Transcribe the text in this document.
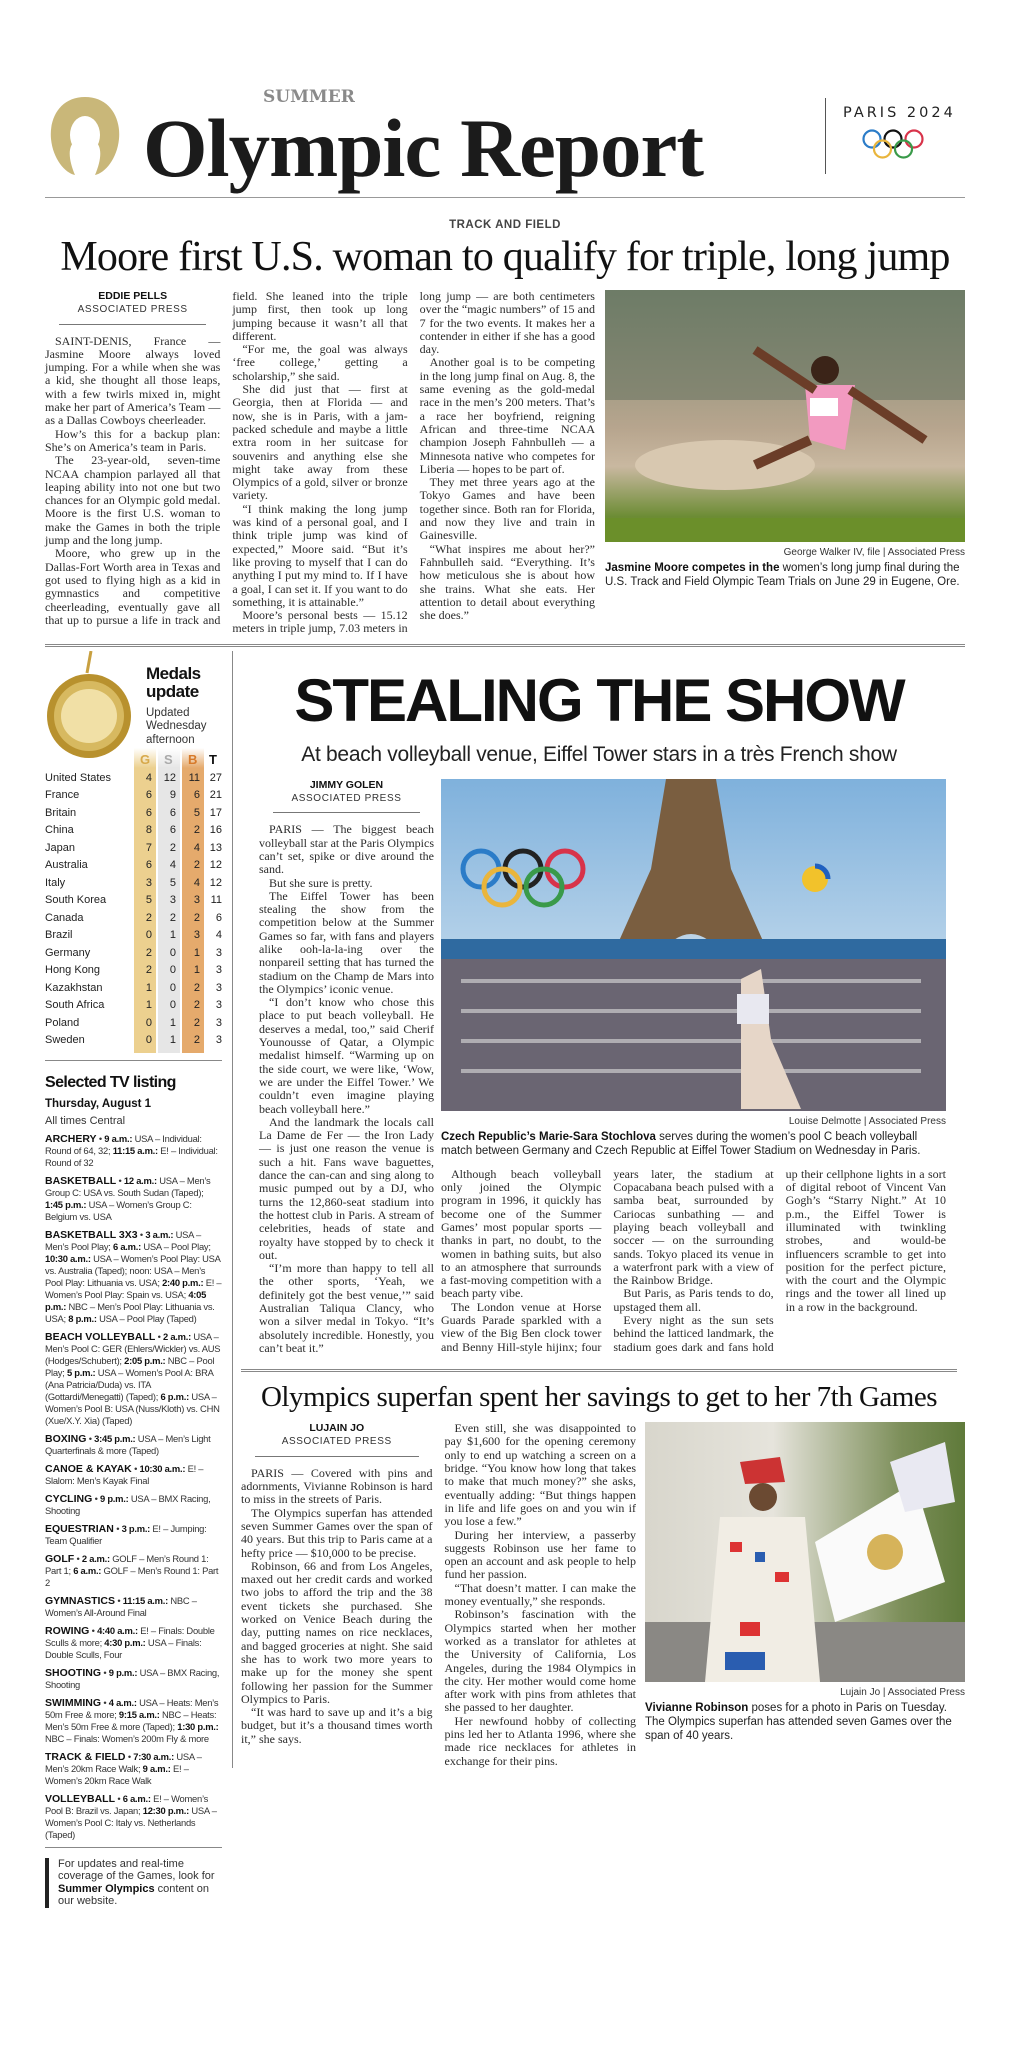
SUMMER
Olympic Report	PARIS 2024
TRACK AND FIELD
Moore first U.S. woman to qualify for triple, long jump
EDDIE PELLS
ASSOCIATED PRESS

SAINT-DENIS, France — Jasmine Moore always loved jumping. For a while when she was a kid, she thought all those leaps, with a few twirls mixed in, might make her part of America’s Team — as a Dallas Cowboys cheerleader.

How’s this for a backup plan: She’s on America’s team in Paris.

The 23-year-old, seven-time NCAA champion parlayed all that leaping ability into not one but two chances for an Olympic gold medal. Moore is the first U.S. woman to make the Games in both the triple jump and the long jump.

Moore, who grew up in the Dallas-Fort Worth area in Texas and got used to flying high as a kid in gymnastics and competitive cheerleading, eventually gave all that up to pursue a life in track and field. She leaned into the triple jump first, then took up long jumping because it wasn’t all that different.

“For me, the goal was always ‘free college,’ getting a scholarship,” she said.

She did just that — first at Georgia, then at Florida — and now, she is in Paris, with a jam-packed schedule and maybe a little extra room in her suitcase for souvenirs and anything else she might take away from these Olympics of a gold, silver or bronze variety.

“I think making the long jump was kind of a personal goal, and I think triple jump was kind of expected,” Moore said. “But it’s like proving to myself that I can do anything I put my mind to. If I have a goal, I can set it. If you want to do something, it is attainable.”

Moore’s personal bests — 15.12 meters in triple jump, 7.03 meters in long jump — are both centimeters over the “magic numbers” of 15 and 7 for the two events. It makes her a contender in either if she has a good day.

Another goal is to be competing in the long jump final on Aug. 8, the same evening as the gold-medal race in the men’s 200 meters. That’s a race her boyfriend, reigning African and three-time NCAA champion Joseph Fahnbulleh — a Minnesota native who competes for Liberia — hopes to be part of.

They met three years ago at the Tokyo Games and have been together since. Both ran for Florida, and now they live and train in Gainesville.

“What inspires me about her?” Fahnbulleh said. “Everything. It’s how meticulous she is about how she trains. What she eats. Her attention to detail about everything she does.”

George Walker IV, file | Associated Press
Jasmine Moore competes in the women’s long jump final during the U.S. Track and Field Olympic Team Trials on June 29 in Eugene, Ore.
Medals update
Updated Wednesday afternoon
G S B T
United States	4 12 11 27
France	6 9 6 21
Britain	6 6 5 17
China	8 6 2 16
Japan	7 2 4 13
Australia	6 4 2 12
Italy	3 5 4 12
South Korea	5 3 3 11
Canada	2 2 2 6
Brazil	0 1 3 4
Germany	2 0 1 3
Hong Kong	2 0 1 3
Kazakhstan	1 0 2 3
South Africa	1 0 2 3
Poland	0 1 2 3
Sweden	0 1 2 3
Selected TV listing
Thursday, August 1
All times Central
ARCHERY • 9 a.m.: USA – Individual: Round of 64, 32; 11:15 a.m.: E! – Individual: Round of 32
BASKETBALL • 12 a.m.: USA – Men’s Group C: USA vs. South Sudan (Taped); 1:45 p.m.: USA – Women’s Group C: Belgium vs. USA
BASKETBALL 3X3 • 3 a.m.: USA – Men’s Pool Play; 6 a.m.: USA – Pool Play; 10:30 a.m.: USA – Women’s Pool Play: USA vs. Australia (Taped); noon: USA – Men’s Pool Play: Lithuania vs. USA; 2:40 p.m.: E! – Women’s Pool Play: Spain vs. USA; 4:05 p.m.: NBC – Men’s Pool Play: Lithuania vs. USA; 8 p.m.: USA – Pool Play (Taped)
BEACH VOLLEYBALL • 2 a.m.: USA – Men’s Pool C: GER (Ehlers/Wickler) vs. AUS (Hodges/Schubert); 2:05 p.m.: NBC – Pool Play; 5 p.m.: USA – Women’s Pool A: BRA (Ana Patricia/Duda) vs. ITA (Gottardi/Menegatti) (Taped); 6 p.m.: USA – Women’s Pool B: USA (Nuss/Kloth) vs. CHN (Xue/X.Y. Xia) (Taped)
BOXING • 3:45 p.m.: USA – Men’s Light Quarterfinals & more (Taped)
CANOE & KAYAK • 10:30 a.m.: E! – Slalom: Men’s Kayak Final
CYCLING • 9 p.m.: USA – BMX Racing, Shooting
EQUESTRIAN • 3 p.m.: E! – Jumping: Team Qualifier
GOLF • 2 a.m.: GOLF – Men’s Round 1: Part 1; 6 a.m.: GOLF – Men’s Round 1: Part 2
GYMNASTICS • 11:15 a.m.: NBC – Women’s All-Around Final
ROWING • 4:40 a.m.: E! – Finals: Double Sculls & more; 4:30 p.m.: USA – Finals: Double Sculls, Four
SHOOTING • 9 p.m.: USA – BMX Racing, Shooting
SWIMMING • 4 a.m.: USA – Heats: Men’s 50m Free & more; 9:15 a.m.: NBC – Heats: Men’s 50m Free & more (Taped); 1:30 p.m.: NBC – Finals: Women’s 200m Fly & more
TRACK & FIELD • 7:30 a.m.: USA – Men’s 20km Race Walk; 9 a.m.: E! – Women’s 20km Race Walk
VOLLEYBALL • 6 a.m.: E! – Women’s Pool B: Brazil vs. Japan; 12:30 p.m.: USA – Women’s Pool C: Italy vs. Netherlands (Taped)
For updates and real-time coverage of the Games, look for Summer Olympics content on our website.
STEALING THE SHOW
At beach volleyball venue, Eiffel Tower stars in a très French show
JIMMY GOLEN
ASSOCIATED PRESS

PARIS — The biggest beach volleyball star at the Paris Olympics can’t set, spike or dive around the sand.

But she sure is pretty.

The Eiffel Tower has been stealing the show from the competition below at the Summer Games so far, with fans and players alike ooh-la-la-ing over the nonpareil setting that has turned the stadium on the Champ de Mars into the Olympics’ iconic venue.

“I don’t know who chose this place to put beach volleyball. He deserves a medal, too,” said Cherif Younousse of Qatar, a Olympic medalist himself. “Warming up on the side court, we were like, ‘Wow, we are under the Eiffel Tower.’ We couldn’t even imagine playing beach volleyball here.”

And the landmark the locals call La Dame de Fer — the Iron Lady — is just one reason the venue is such a hit. Fans wave baguettes, dance the can-can and sing along to music pumped out by a DJ, who turns the 12,860-seat stadium into the hottest club in Paris. A stream of celebrities, heads of state and royalty have stopped by to check it out.

“I’m more than happy to tell all the other sports, ‘Yeah, we definitely got the best venue,’” said Australian Taliqua Clancy, who won a silver medal in Tokyo. “It’s absolutely incredible. Honestly, you can’t beat it.”

Louise Delmotte | Associated Press
Czech Republic’s Marie-Sara Stochlova serves during the women’s pool C beach volleyball match between Germany and Czech Republic at Eiffel Tower Stadium on Wednesday in Paris.

Although beach volleyball only joined the Olympic program in 1996, it quickly has become one of the Summer Games’ most popular sports — thanks in part, no doubt, to the women in bathing suits, but also to an atmosphere that surrounds a fast-moving competition with a beach party vibe.

The London venue at Horse Guards Parade sparkled with a view of the Big Ben clock tower and Benny Hill-style hijinx; four years later, the stadium at Copacabana beach pulsed with a samba beat, surrounded by Cariocas sunbathing — and playing beach volleyball and soccer — on the surrounding sands. Tokyo placed its venue in a waterfront park with a view of the Rainbow Bridge.

But Paris, as Paris tends to do, upstaged them all.

Every night as the sun sets behind the latticed landmark, the stadium goes dark and fans hold up their cellphone lights in a sort of digital reboot of Vincent Van Gogh’s “Starry Night.” At 10 p.m., the Eiffel Tower is illuminated with twinkling strobes, and would-be influencers scramble to get into position for the perfect picture, with the court and the Olympic rings and the tower all lined up in a row in the background.

Olympics superfan spent her savings to get to her 7th Games
LUJAIN JO
ASSOCIATED PRESS

PARIS — Covered with pins and adornments, Vivianne Robinson is hard to miss in the streets of Paris.

The Olympics superfan has attended seven Summer Games over the span of 40 years. But this trip to Paris came at a hefty price — $10,000 to be precise.

Robinson, 66 and from Los Angeles, maxed out her credit cards and worked two jobs to afford the trip and the 38 event tickets she purchased. She worked on Venice Beach during the day, putting names on rice necklaces, and bagged groceries at night. She said she has to work two more years to make up for the money she spent following her passion for the Summer Olympics to Paris.

“It was hard to save up and it’s a big budget, but it’s a thousand times worth it,” she says.

Even still, she was disappointed to pay $1,600 for the opening ceremony only to end up watching a screen on a bridge. “You know how long that takes to make that much money?” she asks, eventually adding: “But things happen in life and life goes on and you win if you lose a few.”

During her interview, a passerby suggests Robinson use her fame to open an account and ask people to help fund her passion.

“That doesn’t matter. I can make the money eventually,” she responds.

Robinson’s fascination with the Olympics started when her mother worked as a translator for athletes at the University of California, Los Angeles, during the 1984 Olympics in the city. Her mother would come home after work with pins from athletes that she passed to her daughter.

Her newfound hobby of collecting pins led her to Atlanta 1996, where she made rice necklaces for athletes in exchange for their pins.

Lujain Jo | Associated Press
Vivianne Robinson poses for a photo in Paris on Tuesday. The Olympics superfan has attended seven Games over the span of 40 years.
